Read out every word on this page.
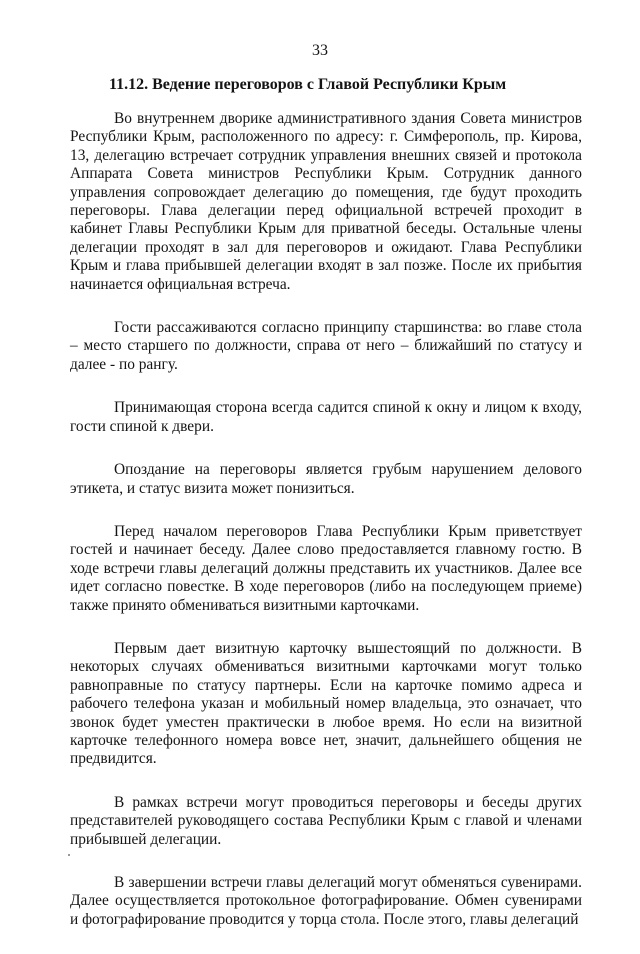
33
11.12. Ведение переговоров с Главой Республики Крым

Во внутреннем дворике административного здания Совета министров Республики Крым, расположенного по адресу: г. Симферополь, пр. Кирова, 13, делегацию встречает сотрудник управления внешних связей и протокола Аппарата Совета министров Республики Крым. Сотрудник данного управления сопровождает делегацию до помещения, где будут проходить переговоры. Глава делегации перед официальной встречей проходит в кабинет Главы Республики Крым для приватной беседы. Остальные члены делегации проходят в зал для переговоров и ожидают. Глава Республики Крым и глава прибывшей делегации входят в зал позже. После их прибытия начинается официальная встреча.

Гости рассаживаются согласно принципу старшинства: во главе стола – место старшего по должности, справа от него – ближайший по статусу и далее - по рангу.

Принимающая сторона всегда садится спиной к окну и лицом к входу, гости спиной к двери.

Опоздание на переговоры является грубым нарушением делового этикета, и статус визита может понизиться.

Перед началом переговоров Глава Республики Крым приветствует гостей и начинает беседу. Далее слово предоставляется главному гостю. В ходе встречи главы делегаций должны представить их участников. Далее все идет согласно повестке. В ходе переговоров (либо на последующем приеме) также принято обмениваться визитными карточками.

Первым дает визитную карточку вышестоящий по должности. В некоторых случаях обмениваться визитными карточками могут только равноправные по статусу партнеры. Если на карточке помимо адреса и рабочего телефона указан и мобильный номер владельца, это означает, что звонок будет уместен практически в любое время. Но если на визитной карточке телефонного номера вовсе нет, значит, дальнейшего общения не предвидится.

В рамках встречи могут проводиться переговоры и беседы других представителей руководящего состава Республики Крым с главой и членами прибывшей делегации.

В завершении встречи главы делегаций могут обменяться сувенирами. Далее осуществляется протокольное фотографирование. Обмен сувенирами и фотографирование проводится у торца стола. После этого, главы делегаций
